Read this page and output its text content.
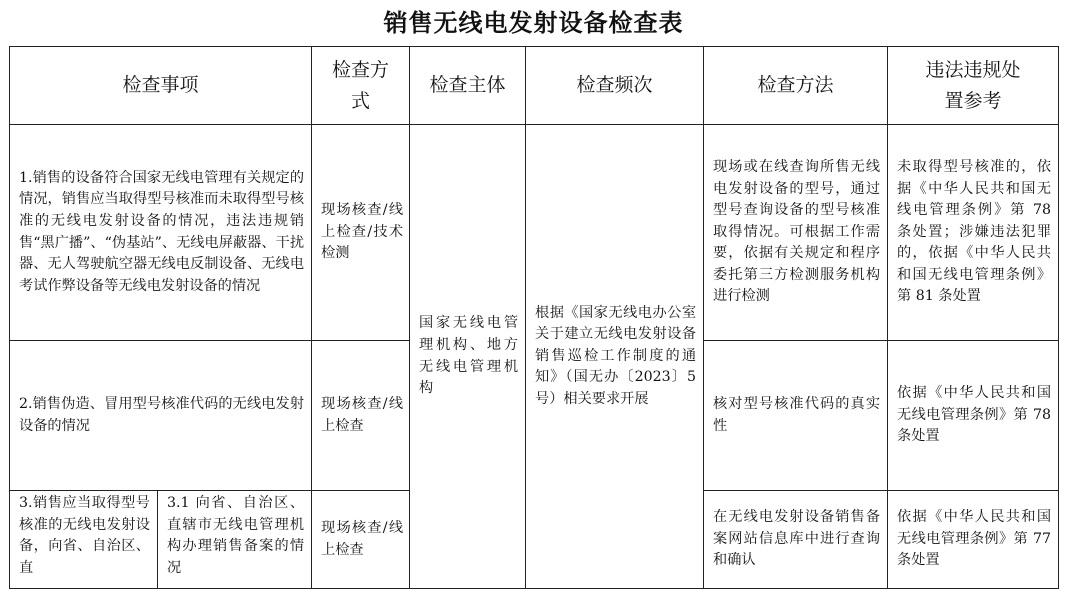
销售无线电发射设备检查表
检查事项		检查方式	检查主体	检查频次	检查方法	违法违规处置参考
1.销售的设备符合国家无线电管理有关规定的情况，销售应当取得型号核准而未取得型号核准的无线电发射设备的情况，违法违规销售“黑广播”、“伪基站”、无线电屏蔽器、干扰器、无人驾驶航空器无线电反制设备、无线电考试作弊设备等无线电发射设备的情况		现场核查/线上检查/技术检测	国家无线电管理机构、地方无线电管理机构	根据《国家无线电办公室关于建立无线电发射设备销售巡检工作制度的通知》（国无办〔2023〕5号）相关要求开展	现场或在线查询所售无线电发射设备的型号，通过型号查询设备的型号核准取得情况。可根据工作需要，依据有关规定和程序委托第三方检测服务机构进行检测	未取得型号核准的，依据《中华人民共和国无线电管理条例》第 78 条处置；涉嫌违法犯罪的，依据《中华人民共和国无线电管理条例》第 81 条处置
2.销售伪造、冒用型号核准代码的无线电发射设备的情况		现场核查/线上检查			核对型号核准代码的真实性	依据《中华人民共和国无线电管理条例》第 78 条处置
3.销售应当取得型号核准的无线电发射设备，向省、自治区、直	3.1 向省、自治区、直辖市无线电管理机构办理销售备案的情况	现场核查/线上检查			在无线电发射设备销售备案网站信息库中进行查询和确认	依据《中华人民共和国无线电管理条例》第 77 条处置
